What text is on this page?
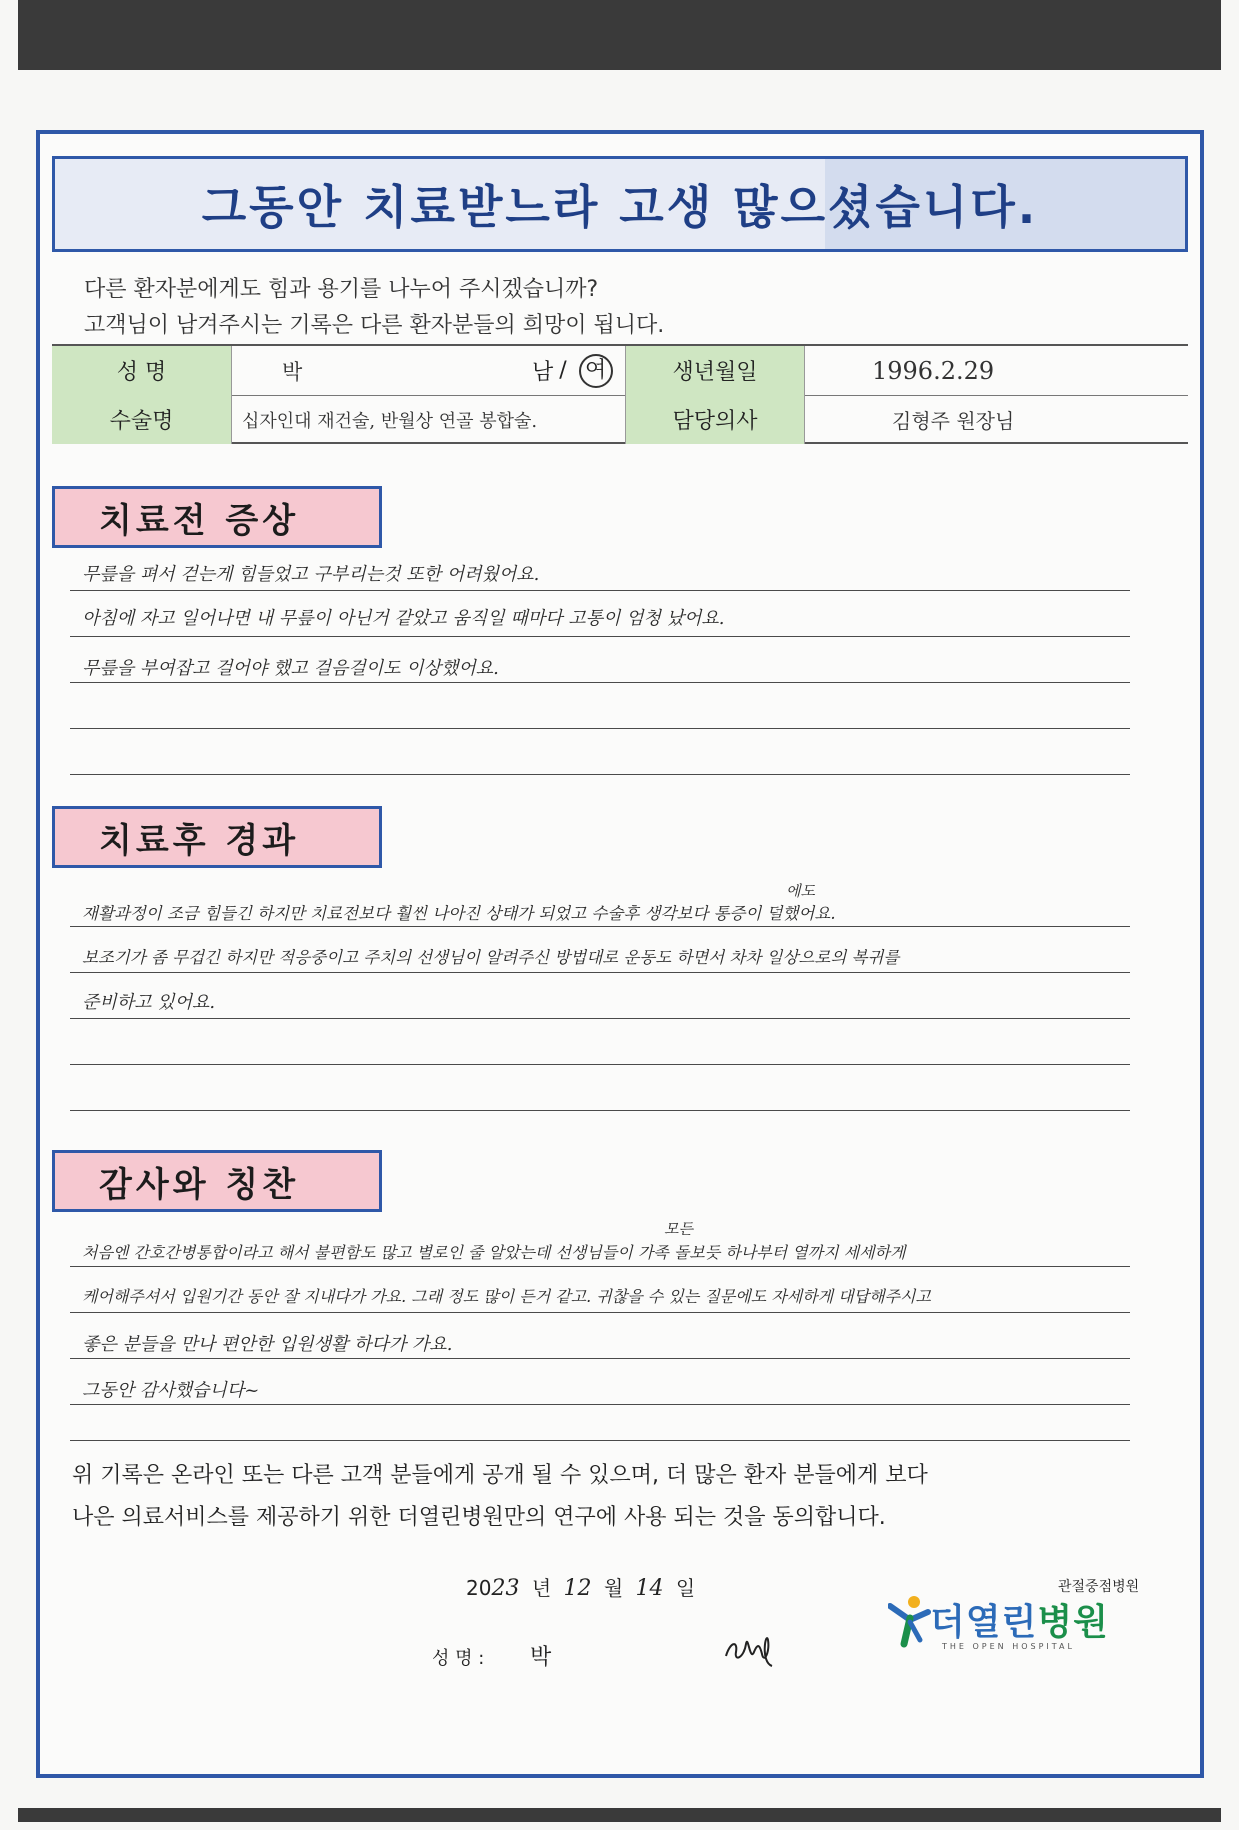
그동안 치료받느라 고생 많으셨습니다.
다른 환자분에게도 힘과 용기를 나누어 주시겠습니까?
고객님이 남겨주시는 기록은 다른 환자분들의 희망이 됩니다.
성 명	박	남 / 여	생년월일	1996.2.29
수술명	십자인대 재건술, 반월상 연골 봉합술.	담당의사	김형주 원장님
치료전 증상
무릎을 펴서 걷는게 힘들었고 구부리는것 또한 어려웠어요.
아침에 자고 일어나면 내 무릎이 아닌거 같았고 움직일 때마다 고통이 엄청 났어요.
무릎을 부여잡고 걸어야 했고 걸음걸이도 이상했어요.
치료후 경과
에도
재활과정이 조금 힘들긴 하지만 치료전보다 훨씬 나아진 상태가 되었고 수술후 생각보다 통증이 덜했어요.
보조기가 좀 무겁긴 하지만 적응중이고 주치의 선생님이 알려주신 방법대로 운동도 하면서 차차 일상으로의 복귀를
준비하고 있어요.
감사와 칭찬
모든
처음엔 간호간병통합이라고 해서 불편함도 많고 별로인 줄 알았는데 선생님들이 가족 돌보듯 하나부터 열까지 세세하게
케어해주셔서 입원기간 동안 잘 지내다가 가요. 그래 정도 많이 든거 같고. 귀찮을 수 있는 질문에도 자세하게 대답해주시고
좋은 분들을 만나 편안한 입원생활 하다가 가요.
그동안 감사했습니다~
위 기록은 온라인 또는 다른 고객 분들에게 공개 될 수 있으며, 더 많은 환자 분들에게 보다
나은 의료서비스를 제공하기 위한 더열린병원만의 연구에 사용 되는 것을 동의합니다.
2023 년 12 월 14 일
성 명 : 박
관절중점병원
더열린병원
THE OPEN HOSPITAL
